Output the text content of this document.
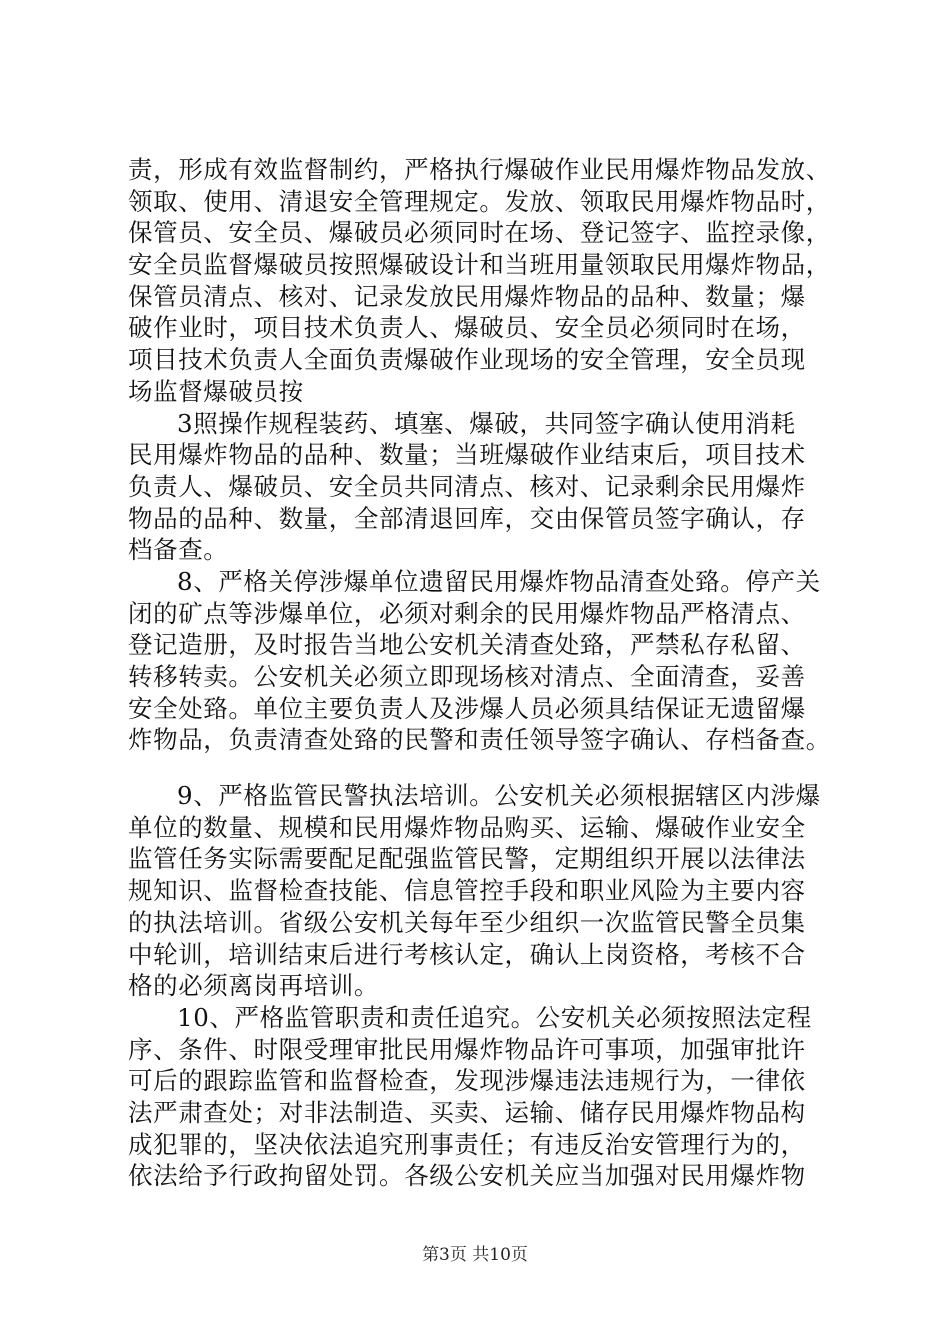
责，形成有效监督制约，严格执行爆破作业民用爆炸物品发放、
领取、使用、清退安全管理规定。发放、领取民用爆炸物品时，
保管员、安全员、爆破员必须同时在场、登记签字、监控录像，
安全员监督爆破员按照爆破设计和当班用量领取民用爆炸物品，
保管员清点、核对、记录发放民用爆炸物品的品种、数量；爆
破作业时，项目技术负责人、爆破员、安全员必须同时在场，
项目技术负责人全面负责爆破作业现场的安全管理，安全员现
场监督爆破员按
3照操作规程装药、填塞、爆破，共同签字确认使用消耗
民用爆炸物品的品种、数量；当班爆破作业结束后，项目技术
负责人、爆破员、安全员共同清点、核对、记录剩余民用爆炸
物品的品种、数量，全部清退回库，交由保管员签字确认，存
档备查。
8、严格关停涉爆单位遗留民用爆炸物品清查处臵。停产关
闭的矿点等涉爆单位，必须对剩余的民用爆炸物品严格清点、
登记造册，及时报告当地公安机关清查处臵，严禁私存私留、
转移转卖。公安机关必须立即现场核对清点、全面清查，妥善
安全处臵。单位主要负责人及涉爆人员必须具结保证无遗留爆
炸物品，负责清查处臵的民警和责任领导签字确认、存档备查。
9、严格监管民警执法培训。公安机关必须根据辖区内涉爆
单位的数量、规模和民用爆炸物品购买、运输、爆破作业安全
监管任务实际需要配足配强监管民警，定期组织开展以法律法
规知识、监督检查技能、信息管控手段和职业风险为主要内容
的执法培训。省级公安机关每年至少组织一次监管民警全员集
中轮训，培训结束后进行考核认定，确认上岗资格，考核不合
格的必须离岗再培训。
10、严格监管职责和责任追究。公安机关必须按照法定程
序、条件、时限受理审批民用爆炸物品许可事项，加强审批许
可后的跟踪监管和监督检查，发现涉爆违法违规行为，一律依
法严肃查处；对非法制造、买卖、运输、储存民用爆炸物品构
成犯罪的，坚决依法追究刑事责任；有违反治安管理行为的，
依法给予行政拘留处罚。各级公安机关应当加强对民用爆炸物
第3页 共10页
